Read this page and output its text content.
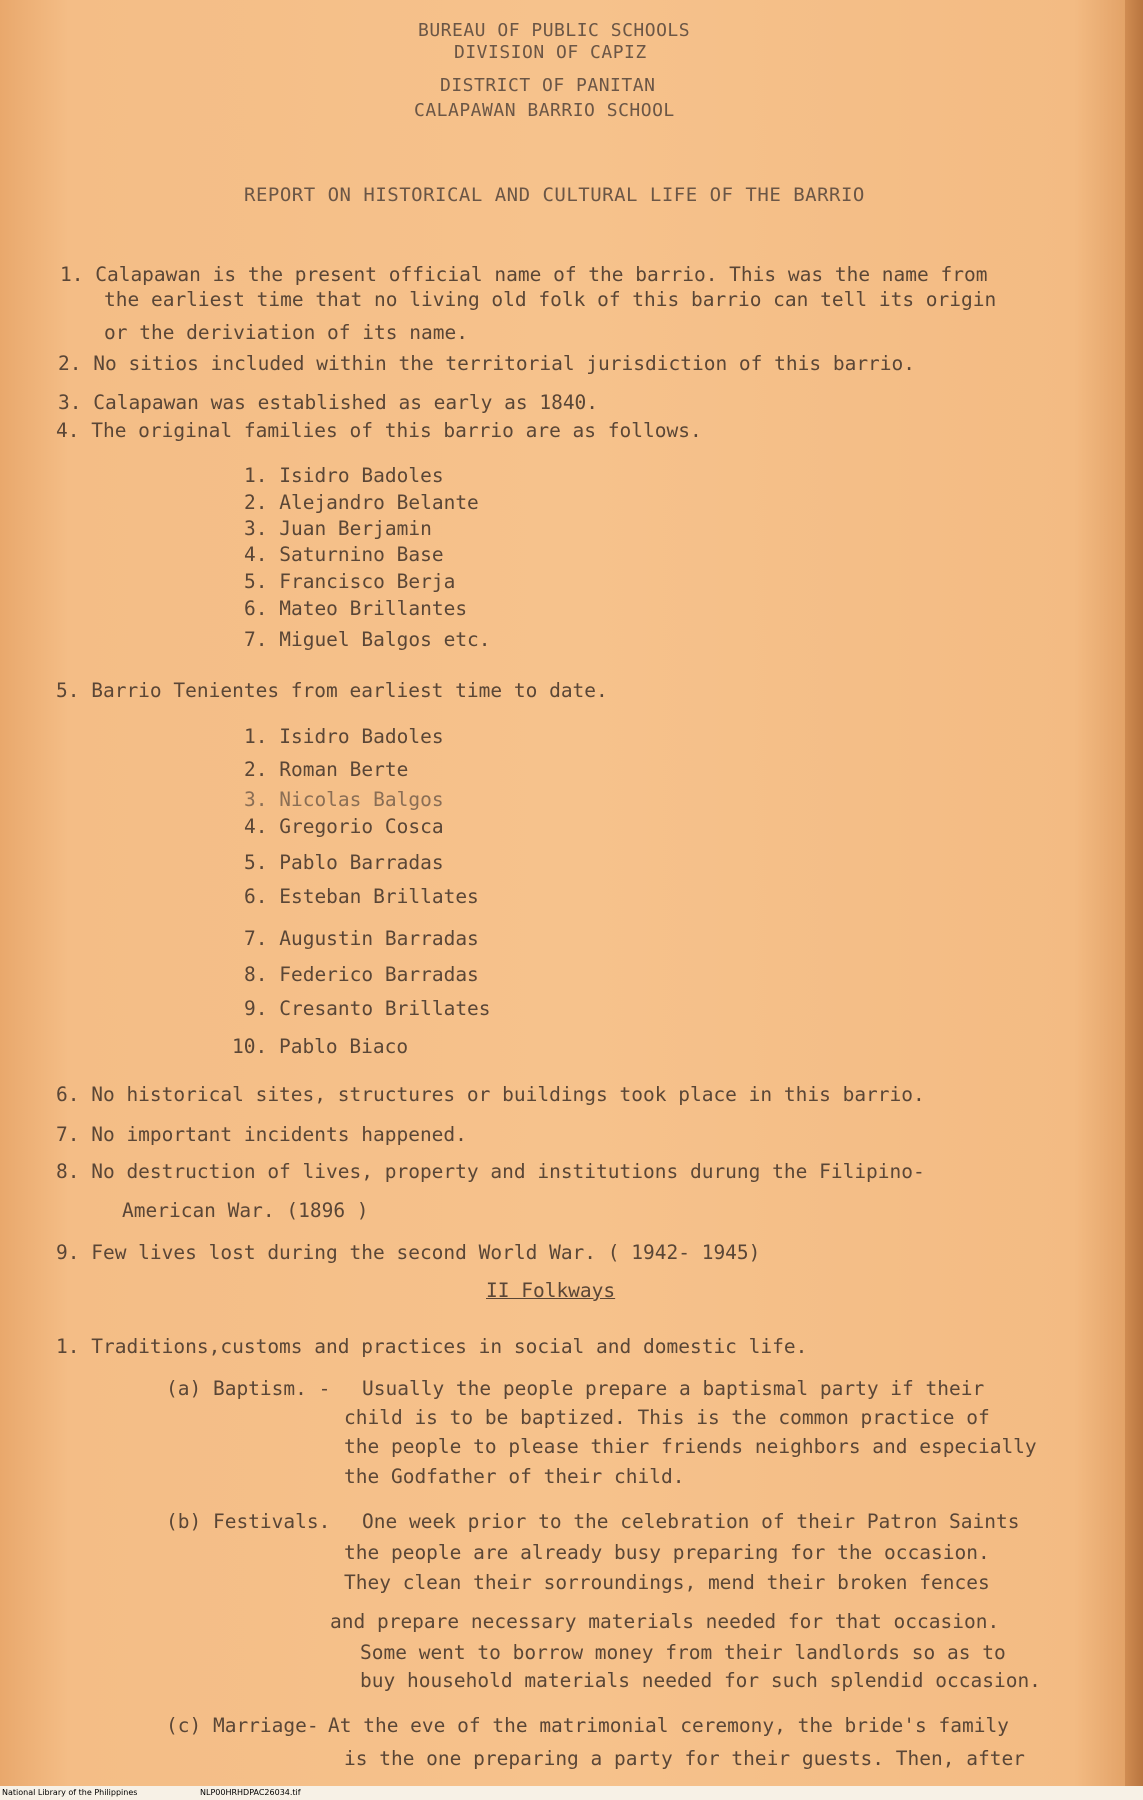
BUREAU OF PUBLIC SCHOOLS
DIVISION OF CAPIZ
DISTRICT OF PANITAN
CALAPAWAN BARRIO SCHOOL
REPORT ON HISTORICAL AND CULTURAL LIFE OF THE BARRIO
1. Calapawan is the present official name of the barrio. This was the name from
the earliest time that no living old folk of this barrio can tell its origin
or the deriviation of its name.
2. No sitios included within the territorial jurisdiction of this barrio.
3. Calapawan was established as early as 1840.
4. The original families of this barrio are as follows.
1. Isidro Badoles
2. Alejandro Belante
3. Juan Berjamin
4. Saturnino Base
5. Francisco Berja
6. Mateo Brillantes
7. Miguel Balgos etc.
5. Barrio Tenientes from earliest time to date.
1. Isidro Badoles
2. Roman Berte
3. Nicolas Balgos
4. Gregorio Cosca
5. Pablo Barradas
6. Esteban Brillates
7. Augustin Barradas
8. Federico Barradas
9. Cresanto Brillates
10. Pablo Biaco
6. No historical sites, structures or buildings took place in this barrio.
7. No important incidents happened.
8. No destruction of lives, property and institutions durung the Filipino-
American War. (1896 )
9. Few lives lost during the second World War. ( 1942- 1945)
II Folkways
1. Traditions,customs and practices in social and domestic life.
(a) Baptism. - Usually the people prepare a baptismal party if their
child is to be baptized. This is the common practice of
the people to please thier friends neighbors and especially
the Godfather of their child.
(b) Festivals. One week prior to the celebration of their Patron Saints
the people are already busy preparing for the occasion.
They clean their sorroundings, mend their broken fences
and prepare necessary materials needed for that occasion.
Some went to borrow money from their landlords so as to
buy household materials needed for such splendid occasion.
(c) Marriage- At the eve of the matrimonial ceremony, the bride's family
is the one preparing a party for their guests. Then, after
National Library of the Philippines	NLP00HRHDPAC26034.tif
